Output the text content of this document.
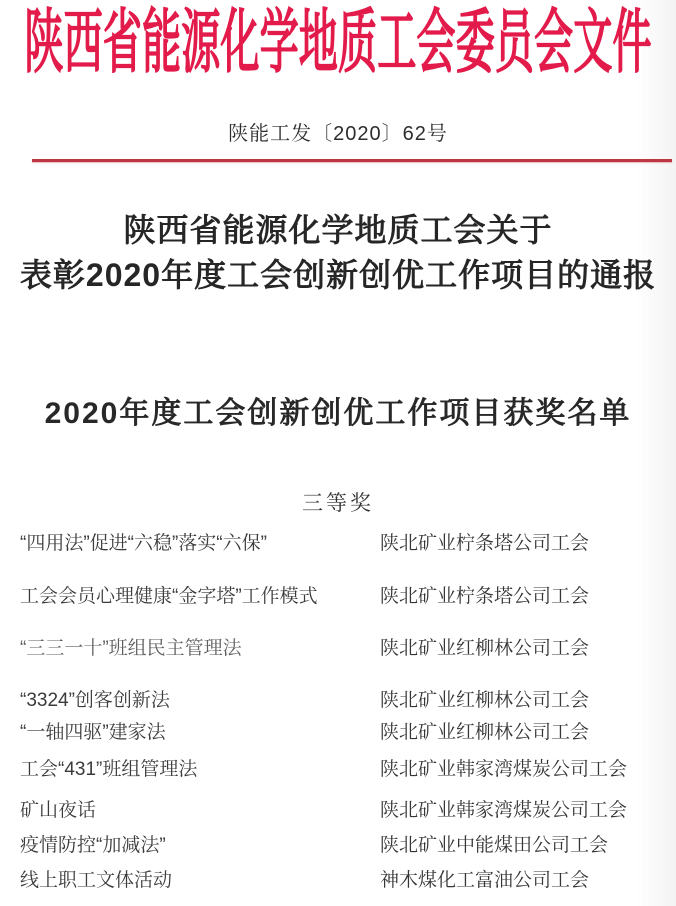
陕西省能源化学地质工会委员会文件
陕能工发〔2020〕62号
陕西省能源化学地质工会关于
表彰2020年度工会创新创优工作项目的通报
2020年度工会创新创优工作项目获奖名单
三等奖
“四用法”促进“六稳”落实“六保”	陕北矿业柠条塔公司工会
工会会员心理健康“金字塔”工作模式	陕北矿业柠条塔公司工会
“三三一十”班组民主管理法	陕北矿业红柳林公司工会
“3324”创客创新法	陕北矿业红柳林公司工会
“一轴四驱”建家法	陕北矿业红柳林公司工会
工会“431”班组管理法	陕北矿业韩家湾煤炭公司工会
矿山夜话	陕北矿业韩家湾煤炭公司工会
疫情防控“加减法”	陕北矿业中能煤田公司工会
线上职工文体活动	神木煤化工富油公司工会
